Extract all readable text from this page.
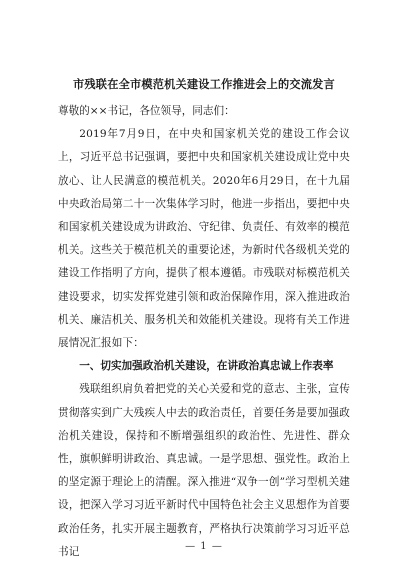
市残联在全市模范机关建设工作推进会上的交流发言
尊敬的××书记，各位领导，同志们：
2019年7月9日，在中央和国家机关党的建设工作会议上，习近平总书记强调，要把中央和国家机关建设成让党中央放心、让人民满意的模范机关。2020年6月29日，在十九届中央政治局第二十一次集体学习时，他进一步指出，要把中央和国家机关建设成为讲政治、守纪律、负责任、有效率的模范机关。这些关于模范机关的重要论述，为新时代各级机关党的建设工作指明了方向，提供了根本遵循。市残联对标模范机关建设要求，切实发挥党建引领和政治保障作用，深入推进政治机关、廉洁机关、服务机关和效能机关建设。现将有关工作进展情况汇报如下：
一、切实加强政治机关建设，在讲政治真忠诚上作表率
残联组织肩负着把党的关心关爱和党的意志、主张，宣传贯彻落实到广大残疾人中去的政治责任，首要任务是要加强政治机关建设，保持和不断增强组织的政治性、先进性、群众性，旗帜鲜明讲政治、真忠诚。一是学思想、强党性。政治上的坚定源于理论上的清醒。深入推进“双争一创”学习型机关建设，把深入学习习近平新时代中国特色社会主义思想作为首要政治任务，扎实开展主题教育，严格执行决策前学习习近平总书记	— 1 —
